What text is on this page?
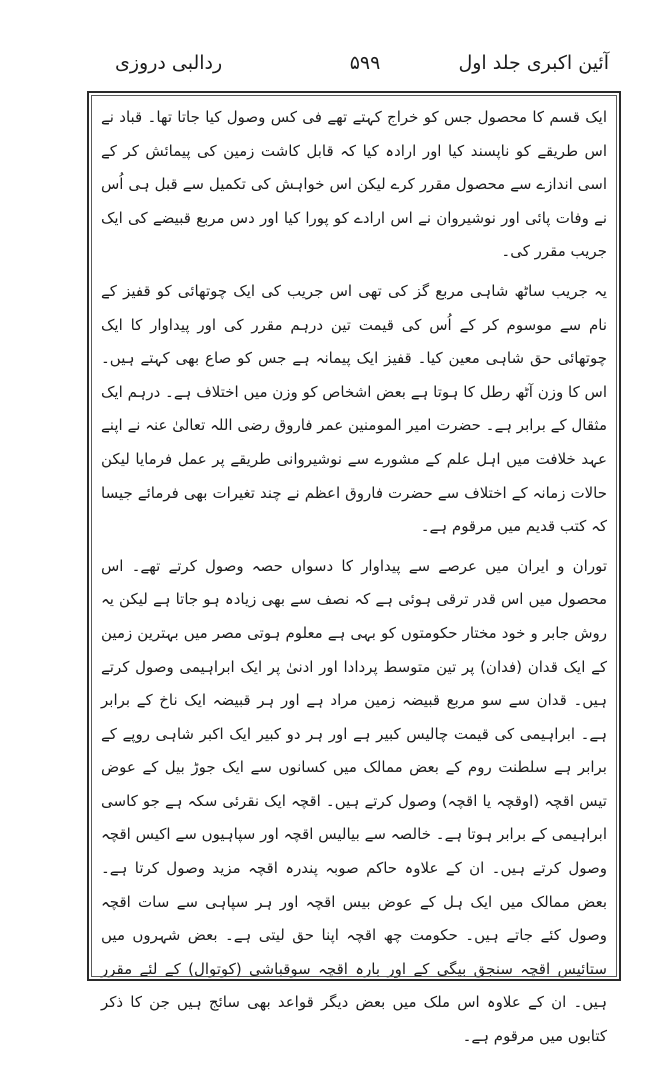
آئین اکبری جلد اول
۵۹۹
ردالبی دروزی

ایک قسم کا محصول جس کو خراج کہتے تھے فی کس وصول کیا جاتا تھا۔ قباد نے اس طریقے کو ناپسند کیا اور ارادہ کیا کہ قابل کاشت زمین کی پیمائش کر کے اسی اندازے سے محصول مقرر کرے لیکن اس خواہش کی تکمیل سے قبل ہی اُس نے وفات پائی اور نوشیروان نے اس ارادے کو پورا کیا اور دس مربع قبیضے کی ایک جریب مقرر کی۔

یہ جریب ساٹھ شاہی مربع گز کی تھی اس جریب کی ایک چوتھائی کو قفیز کے نام سے موسوم کر کے اُس کی قیمت تین درہم مقرر کی اور پیداوار کا ایک چوتھائی حق شاہی معین کیا۔ قفیز ایک پیمانہ ہے جس کو صاع بھی کہتے ہیں۔ اس کا وزن آٹھ رطل کا ہوتا ہے بعض اشخاص کو وزن میں اختلاف ہے۔ درہم ایک مثقال کے برابر ہے۔ حضرت امیر المومنین عمر فاروق رضی اللہ تعالیٰ عنہ نے اپنے عہد خلافت میں اہل علم کے مشورے سے نوشیروانی طریقے پر عمل فرمایا لیکن حالات زمانہ کے اختلاف سے حضرت فاروق اعظم نے چند تغیرات بھی فرمائے جیسا کہ کتب قدیم میں مرقوم ہے۔

توران و ایران میں عرصے سے پیداوار کا دسواں حصہ وصول کرتے تھے۔ اس محصول میں اس قدر ترقی ہوئی ہے کہ نصف سے بھی زیادہ ہو جاتا ہے لیکن یہ روش جابر و خود مختار حکومتوں کو بہی ہے معلوم ہوتی مصر میں بہترین زمین کے ایک قدان (فدان) پر تین متوسط پردادا اور ادنیٰ پر ایک ابراہیمی وصول کرتے ہیں۔ قدان سے سو مربع قبیضہ زمین مراد ہے اور ہر قبیضہ ایک ناخ کے برابر ہے۔ ابراہیمی کی قیمت چالیس کبیر ہے اور ہر دو کبیر ایک اکبر شاہی روپے کے برابر ہے سلطنت روم کے بعض ممالک میں کسانوں سے ایک جوڑ بیل کے عوض تیس اقچہ (اوقچہ یا اقچہ) وصول کرتے ہیں۔ اقچہ ایک نقرئی سکہ ہے جو کاسی ابراہیمی کے برابر ہوتا ہے۔ خالصہ سے بیالیس اقچہ اور سپاہیوں سے اکیس اقچہ وصول کرتے ہیں۔ ان کے علاوہ حاکم صوبہ پندرہ اقچہ مزید وصول کرتا ہے۔ بعض ممالک میں ایک ہل کے عوض بیس اقچہ اور ہر سپاہی سے سات اقچہ وصول کئے جاتے ہیں۔ حکومت چھ اقچہ اپنا حق لیتی ہے۔ بعض شہروں میں ستائیس اقچہ سنجق بیگی کے اور بارہ اقچہ سوقباشی (کوتوال) کے لئے مقرر ہیں۔ ان کے علاوہ اس ملک میں بعض دیگر قواعد بھی سائج ہیں جن کا ذکر کتابوں میں مرقوم ہے۔
